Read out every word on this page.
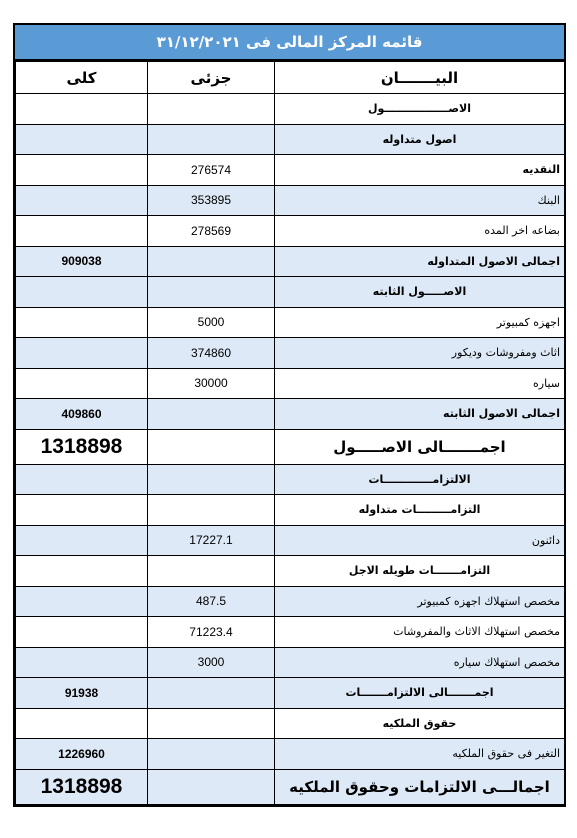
قائمه المركز المالى فى ٣١/١٢/٢٠٢١
كلى	جزئى	البيـــــــان
		الاصـــــــــــــــــول
		اصول متداوله
	276574	النقديه
	353895	البنك
	278569	بضاعه اخر المده
909038		اجمالى الاصول المتداوله
		الاصـــــول الثابته
	5000	اجهزه كمبيوتر
	374860	اثاث ومفروشات وديكور
	30000	سياره
409860		اجمالى الاصول الثابته
1318898		اجمـــــــالى الاصـــــول
		الالتزامـــــــــــــات
		التزامـــــــــات متداوله
	17227.1	دائنون
		التزامـــــــات طويله الاجل
	487.5	مخصص استهلاك اجهزه كمبيوتر
	71223.4	مخصص استهلاك الاثاث والمفروشات
	3000	مخصص استهلاك سياره
91938		اجمـــــــالى الالتزامـــــــات
		حقوق الملكيه
1226960		التغير فى حقوق الملكيه
1318898		اجمالـــى الالتزامات وحقوق الملكيه
